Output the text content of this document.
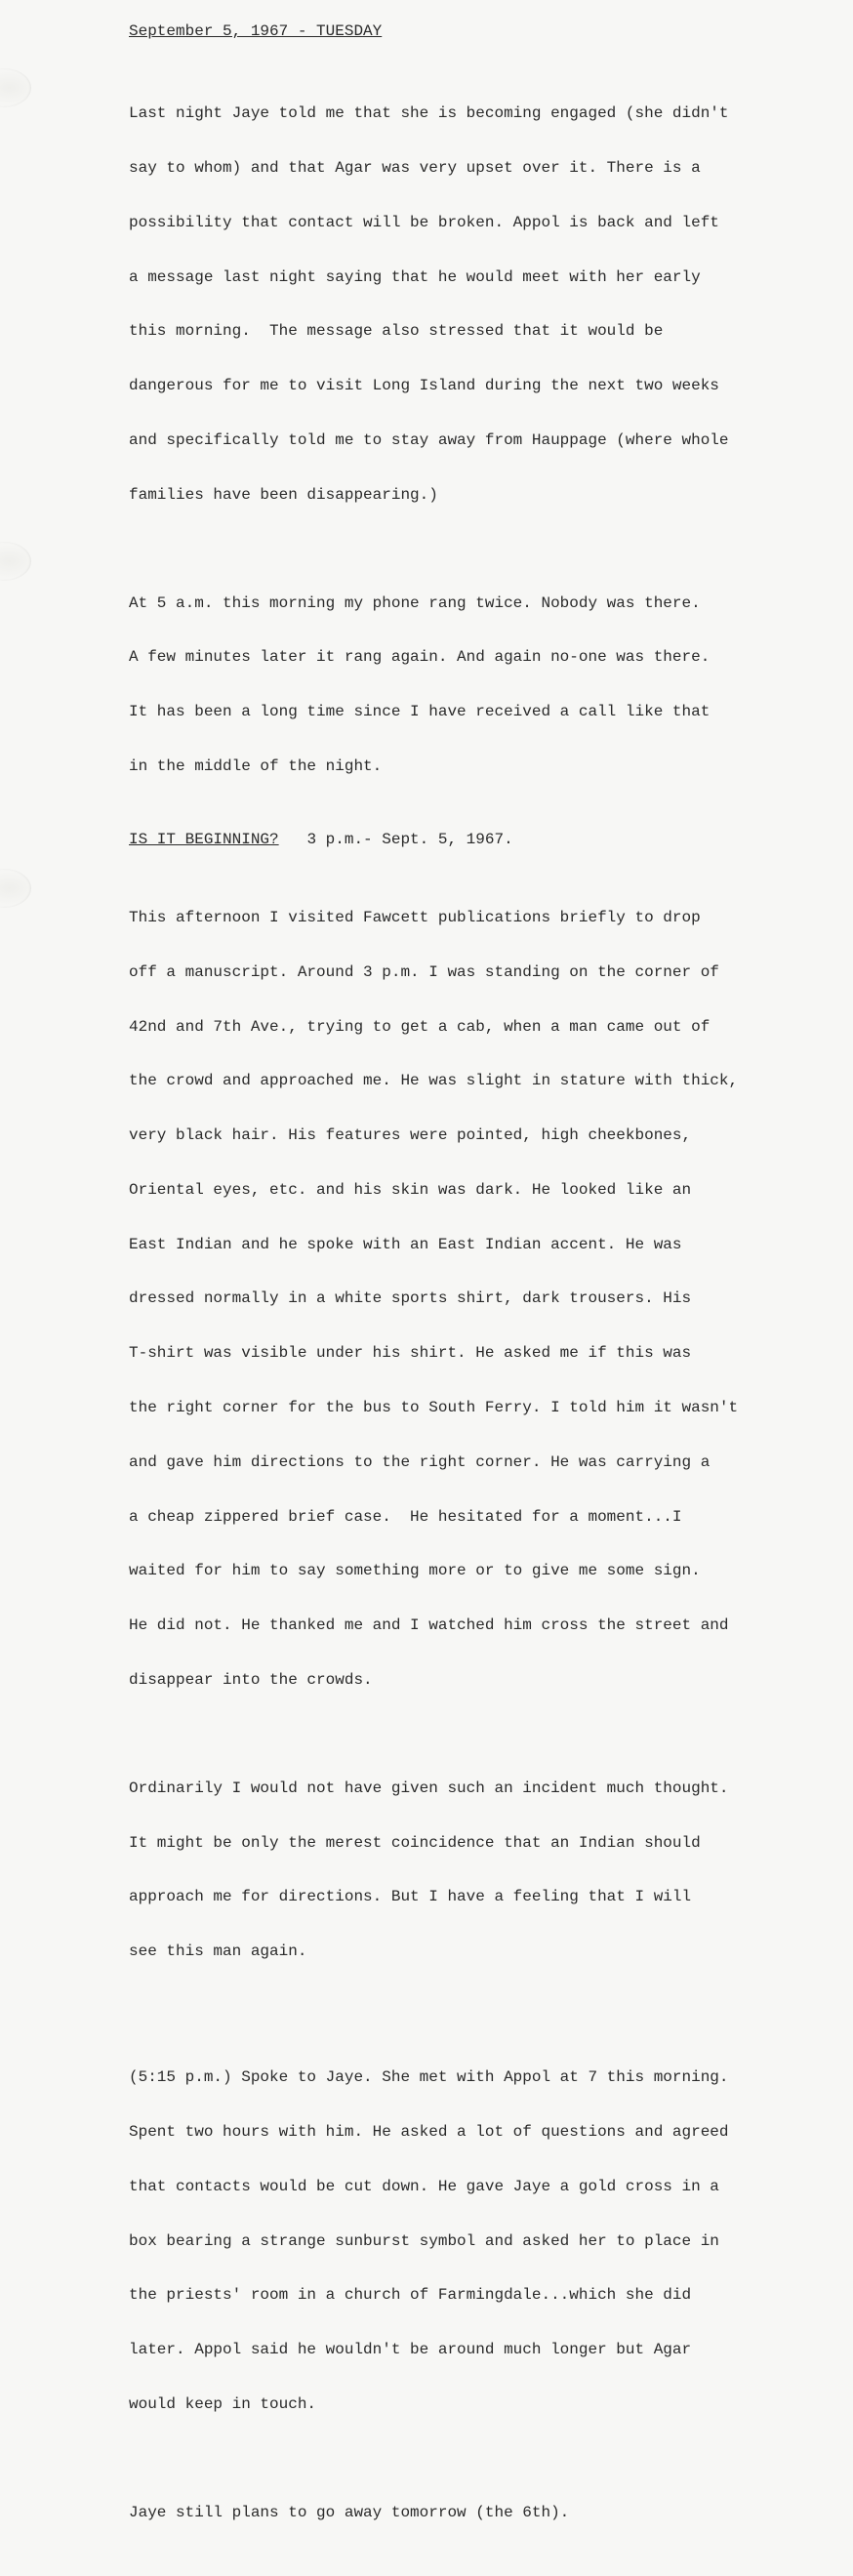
September 5, 1967 - TUESDAY

Last night Jaye told me that she is becoming engaged (she didn't

say to whom) and that Agar was very upset over it. There is a

possibility that contact will be broken. Appol is back and left

a message last night saying that he would meet with her early

this morning.  The message also stressed that it would be

dangerous for me to visit Long Island during the next two weeks

and specifically told me to stay away from Hauppage (where whole

families have been disappearing.)

At 5 a.m. this morning my phone rang twice. Nobody was there.

A few minutes later it rang again. And again no-one was there.

It has been a long time since I have received a call like that

in the middle of the night.

IS IT BEGINNING? 3 p.m.- Sept. 5, 1967.

This afternoon I visited Fawcett publications briefly to drop

off a manuscript. Around 3 p.m. I was standing on the corner of

42nd and 7th Ave., trying to get a cab, when a man came out of

the crowd and approached me. He was slight in stature with thick,

very black hair. His features were pointed, high cheekbones,

Oriental eyes, etc. and his skin was dark. He looked like an

East Indian and he spoke with an East Indian accent. He was

dressed normally in a white sports shirt, dark trousers. His

T-shirt was visible under his shirt. He asked me if this was

the right corner for the bus to South Ferry. I told him it wasn't

and gave him directions to the right corner. He was carrying a

a cheap zippered brief case.  He hesitated for a moment...I

waited for him to say something more or to give me some sign.

He did not. He thanked me and I watched him cross the street and

disappear into the crowds.

Ordinarily I would not have given such an incident much thought.

It might be only the merest coincidence that an Indian should

approach me for directions. But I have a feeling that I will

see this man again.

(5:15 p.m.) Spoke to Jaye. She met with Appol at 7 this morning.

Spent two hours with him. He asked a lot of questions and agreed

that contacts would be cut down. He gave Jaye a gold cross in a

box bearing a strange sunburst symbol and asked her to place in

the priests' room in a church of Farmingdale...which she did

later. Appol said he wouldn't be around much longer but Agar

would keep in touch.

Jaye still plans to go away tomorrow (the 6th).
